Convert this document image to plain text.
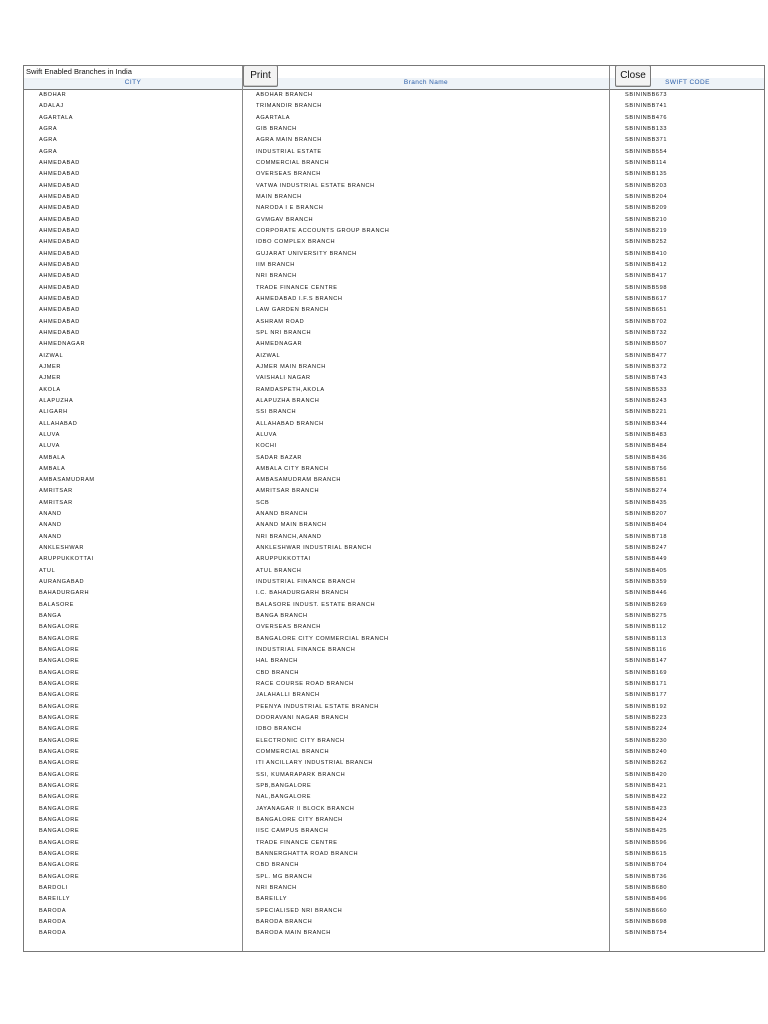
Swift Enabled Branches in India
CITY	Branch Name	SWIFT CODE
ABOHAR	ABOHAR BRANCH	SBININBB673
ADALAJ	TRIMANDIR BRANCH	SBININBB741
AGARTALA	AGARTALA	SBININBB476
AGRA	GIB BRANCH	SBININBB133
AGRA	AGRA MAIN BRANCH	SBININBB371
AGRA	INDUSTRIAL ESTATE	SBININBB554
AHMEDABAD	COMMERCIAL BRANCH	SBININBB114
AHMEDABAD	OVERSEAS BRANCH	SBININBB135
AHMEDABAD	VATWA INDUSTRIAL ESTATE BRANCH	SBININBB203
AHMEDABAD	MAIN BRANCH	SBININBB204
AHMEDABAD	NARODA I E BRANCH	SBININBB209
AHMEDABAD	GVMGAV BRANCH	SBININBB210
AHMEDABAD	CORPORATE ACCOUNTS GROUP BRANCH	SBININBB219
AHMEDABAD	IDBO COMPLEX BRANCH	SBININBB252
AHMEDABAD	GUJARAT UNIVERSITY BRANCH	SBININBB410
AHMEDABAD	IIM BRANCH	SBININBB412
AHMEDABAD	NRI BRANCH	SBININBB417
AHMEDABAD	TRADE FINANCE CENTRE	SBININBB598
AHMEDABAD	AHMEDABAD I.F.S BRANCH	SBININBB617
AHMEDABAD	LAW GARDEN BRANCH	SBININBB651
AHMEDABAD	ASHRAM ROAD	SBININBB702
AHMEDABAD	SPL NRI BRANCH	SBININBB732
AHMEDNAGAR	AHMEDNAGAR	SBININBB507
AIZWAL	AIZWAL	SBININBB477
AJMER	AJMER MAIN BRANCH	SBININBB372
AJMER	VAISHALI NAGAR	SBININBB743
AKOLA	RAMDASPETH,AKOLA	SBININBB533
ALAPUZHA	ALAPUZHA BRANCH	SBININBB243
ALIGARH	SSI BRANCH	SBININBB221
ALLAHABAD	ALLAHABAD BRANCH	SBININBB344
ALUVA	ALUVA	SBININBB483
ALUVA	KOCHI	SBININBB484
AMBALA	SADAR BAZAR	SBININBB436
AMBALA	AMBALA CITY BRANCH	SBININBB756
AMBASAMUDRAM	AMBASAMUDRAM BRANCH	SBININBB581
AMRITSAR	AMRITSAR BRANCH	SBININBB274
AMRITSAR	SCB	SBININBB435
ANAND	ANAND BRANCH	SBININBB207
ANAND	ANAND MAIN BRANCH	SBININBB404
ANAND	NRI BRANCH,ANAND	SBININBB718
ANKLESHWAR	ANKLESHWAR INDUSTRIAL BRANCH	SBININBB247
ARUPPUKKOTTAI	ARUPPUKKOTTAI	SBININBB449
ATUL	ATUL BRANCH	SBININBB405
AURANGABAD	INDUSTRIAL FINANCE BRANCH	SBININBB359
BAHADURGARH	I.C. BAHADURGARH BRANCH	SBININBB446
BALASORE	BALASORE INDUST. ESTATE BRANCH	SBININBB269
BANGA	BANGA BRANCH	SBININBB275
BANGALORE	OVERSEAS BRANCH	SBININBB112
BANGALORE	BANGALORE CITY COMMERCIAL BRANCH	SBININBB113
BANGALORE	INDUSTRIAL FINANCE BRANCH	SBININBB116
BANGALORE	HAL BRANCH	SBININBB147
BANGALORE	CBD BRANCH	SBININBB169
BANGALORE	RACE COURSE ROAD BRANCH	SBININBB171
BANGALORE	JALAHALLI BRANCH	SBININBB177
BANGALORE	PEENYA INDUSTRIAL ESTATE BRANCH	SBININBB192
BANGALORE	DOORAVANI NAGAR BRANCH	SBININBB223
BANGALORE	IDBO BRANCH	SBININBB224
BANGALORE	ELECTRONIC CITY BRANCH	SBININBB230
BANGALORE	COMMERCIAL BRANCH	SBININBB240
BANGALORE	ITI ANCILLARY INDUSTRIAL BRANCH	SBININBB262
BANGALORE	SSI, KUMARAPARK BRANCH	SBININBB420
BANGALORE	SPB,BANGALORE	SBININBB421
BANGALORE	NAL,BANGALORE	SBININBB422
BANGALORE	JAYANAGAR II BLOCK BRANCH	SBININBB423
BANGALORE	BANGALORE CITY BRANCH	SBININBB424
BANGALORE	IISC CAMPUS BRANCH	SBININBB425
BANGALORE	TRADE FINANCE CENTRE	SBININBB596
BANGALORE	BANNERGHATTA ROAD BRANCH	SBININBB615
BANGALORE	CBD BRANCH	SBININBB704
BANGALORE	SPL. MG BRANCH	SBININBB736
BARDOLI	NRI BRANCH	SBININBB680
BAREILLY	BAREILLY	SBININBB496
BARODA	SPECIALISED NRI BRANCH	SBININBB660
BARODA	BARODA BRANCH	SBININBB698
BARODA	BARODA MAIN BRANCH	SBININBB754
Print	Close
